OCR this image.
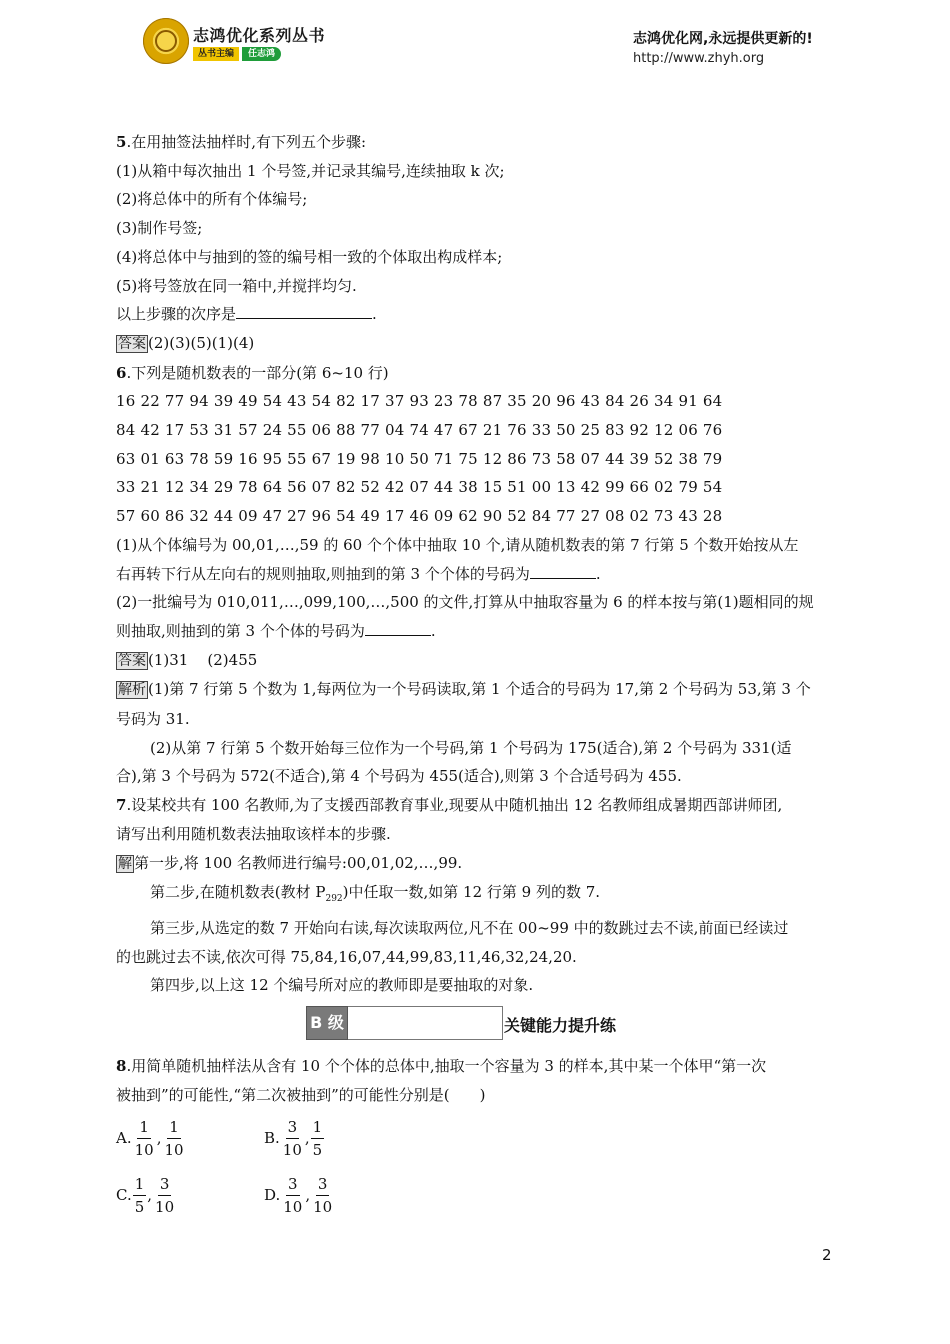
志鸿优化系列丛书
丛书主编	任志鸿
志鸿优化网,永远提供更新的!
http://www.zhyh.org
5.在用抽签法抽样时,有下列五个步骤:
(1)从箱中每次抽出 1 个号签,并记录其编号,连续抽取 k 次;
(2)将总体中的所有个体编号;
(3)制作号签;
(4)将总体中与抽到的签的编号相一致的个体取出构成样本;
(5)将号签放在同一箱中,并搅拌均匀.
以上步骤的次序是	.
答案 (2)(3)(5)(1)(4)
6.下列是随机数表的一部分(第 6~10 行)
16 22 77 94 39 49 54 43 54 82 17 37 93 23 78 87 35 20 96 43 84 26 34 91 64
84 42 17 53 31 57 24 55 06 88 77 04 74 47 67 21 76 33 50 25 83 92 12 06 76
63 01 63 78 59 16 95 55 67 19 98 10 50 71 75 12 86 73 58 07 44 39 52 38 79
33 21 12 34 29 78 64 56 07 82 52 42 07 44 38 15 51 00 13 42 99 66 02 79 54
57 60 86 32 44 09 47 27 96 54 49 17 46 09 62 90 52 84 77 27 08 02 73 43 28
(1)从个体编号为 00,01,…,59 的 60 个个体中抽取 10 个,请从随机数表的第 7 行第 5 个数开始按从左
右再转下行从左向右的规则抽取,则抽到的第 3 个个体的号码为	.
(2)一批编号为 010,011,…,099,100,…,500 的文件,打算从中抽取容量为 6 的样本按与第(1)题相同的规
则抽取,则抽到的第 3 个个体的号码为	.
答案 (1)31    (2)455
解析 (1)第 7 行第 5 个数为 1,每两位为一个号码读取,第 1 个适合的号码为 17,第 2 个号码为 53,第 3 个
号码为 31.
(2)从第 7 行第 5 个数开始每三位作为一个号码,第 1 个号码为 175(适合),第 2 个号码为 331(适
合),第 3 个号码为 572(不适合),第 4 个号码为 455(适合),则第 3 个合适号码为 455.
7.设某校共有 100 名教师,为了支援西部教育事业,现要从中随机抽出 12 名教师组成暑期西部讲师团,
请写出利用随机数表法抽取该样本的步骤.
解 第一步,将 100 名教师进行编号:00,01,02,…,99.
第二步,在随机数表(教材 $P_{292}$)中任取一数,如第 12 行第 9 列的数 7.
第三步,从选定的数 7 开始向右读,每次读取两位,凡不在 00~99 中的数跳过去不读,前面已经读过
的也跳过去不读,依次可得 75,84,16,07,44,99,83,11,46,32,24,20.
第四步,以上这 12 个编号所对应的教师即是要抽取的对象.
B 级	关键能力提升练
8.用简单随机抽样法从含有 10 个个体的总体中,抽取一个容量为 3 的样本,其中某一个体甲“第一次
被抽到”的可能性,“第二次被抽到”的可能性分别是(　　)
A. $\frac{1}{10}$ , $\frac{1}{10}$	B. $\frac{3}{10}$ , $\frac{1}{5}$
C. $\frac{1}{5}$ , $\frac{3}{10}$	D. $\frac{3}{10}$ , $\frac{3}{10}$
2
